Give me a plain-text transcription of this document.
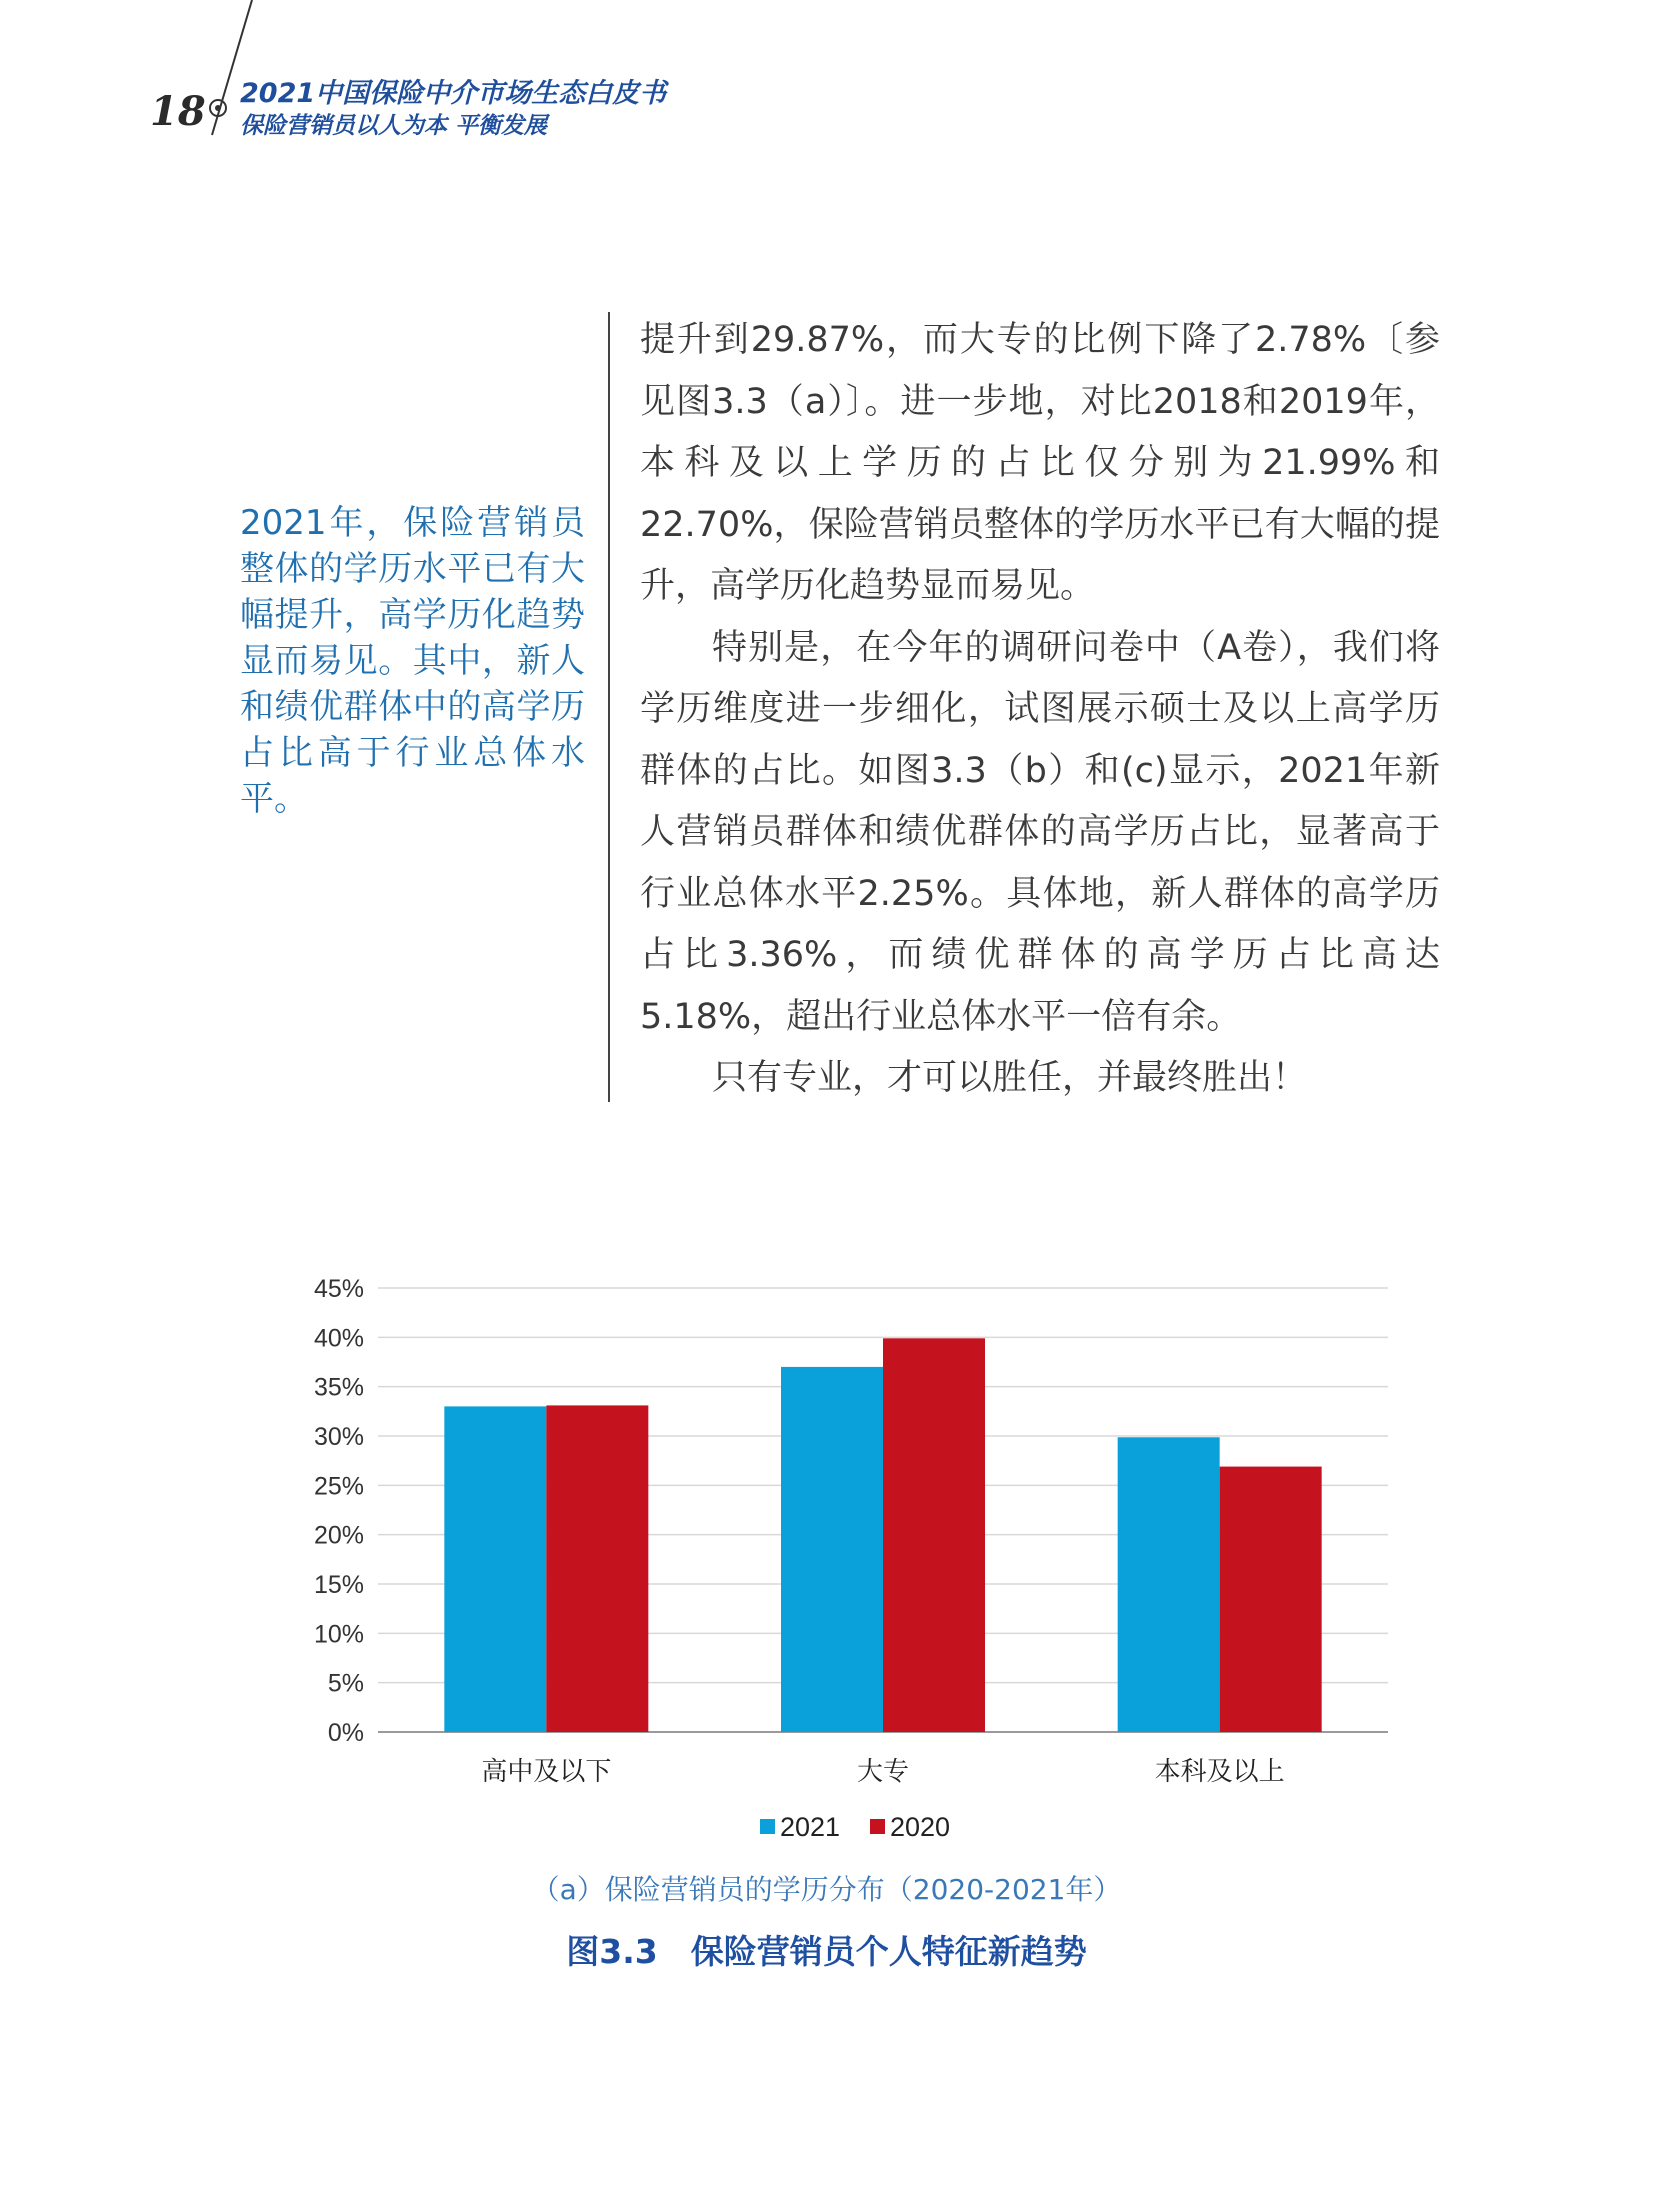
18 2021中国保险中介市场生态白皮书
保险营销员以人为本 平衡发展
2021年，保险营销员整体的学历水平已有大幅提升，高学历化趋势显而易见。其中，新人和绩优群体中的高学历占比高于行业总体水平。

提升到29.87%，而大专的比例下降了2.78%〔参见图3.3（a）〕。进一步地，对比2018和2019年，本科及以上学历的占比仅分别为21.99%和22.70%，保险营销员整体的学历水平已有大幅的提升，高学历化趋势显而易见。

特别是，在今年的调研问卷中（A卷），我们将学历维度进一步细化，试图展示硕士及以上高学历群体的占比。如图3.3（b）和(c)显示，2021年新人营销员群体和绩优群体的高学历占比，显著高于行业总体水平2.25%。具体地，新人群体的高学历占比3.36%，而绩优群体的高学历占比高达5.18%，超出行业总体水平一倍有余。

只有专业，才可以胜任，并最终胜出！

0%
5%
10%
15%
20%
25%
30%
35%
40%
45%
高中及以下	大专	本科及以上
2021 2020
（a）保险营销员的学历分布（2020-2021年）
图3.3　保险营销员个人特征新趋势
